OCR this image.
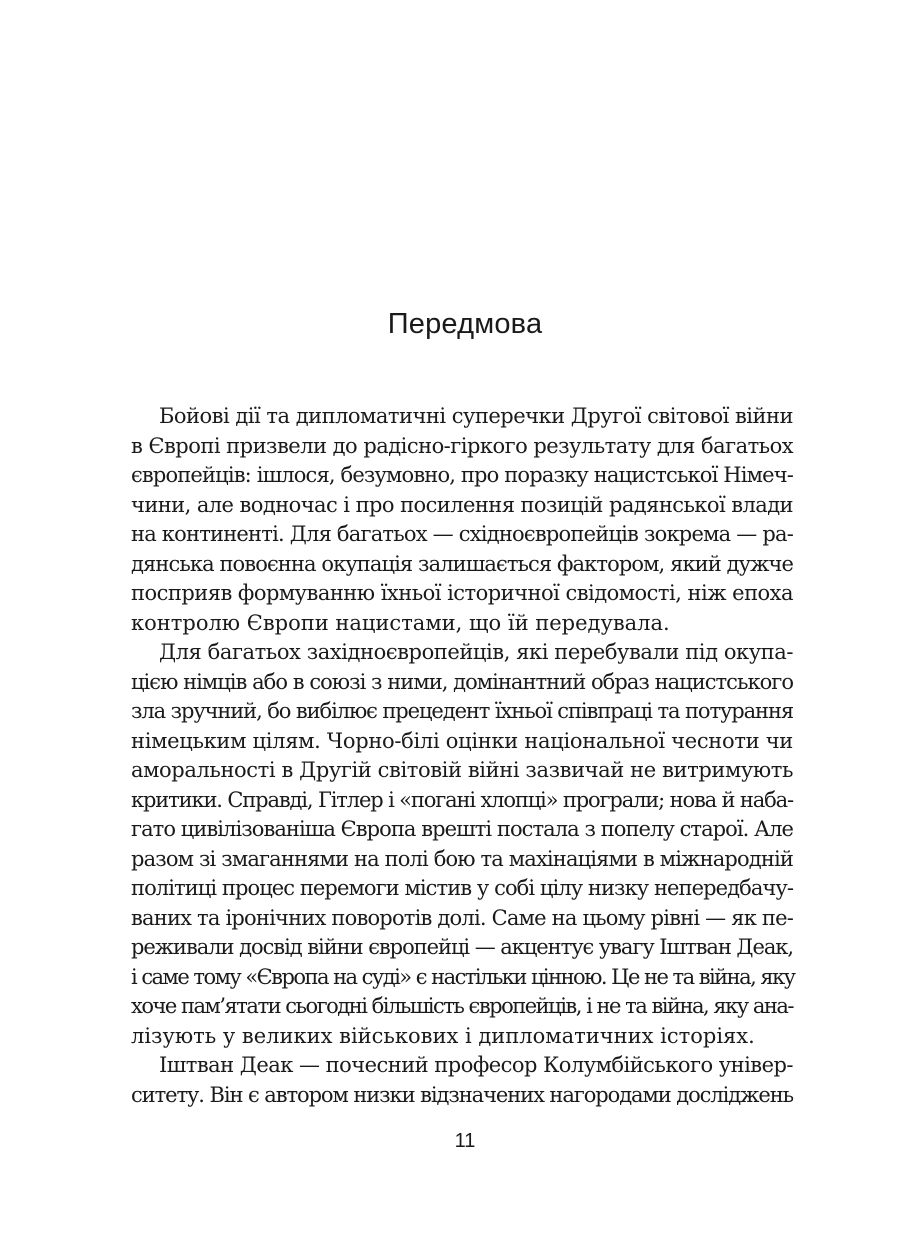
Передмова
Бойові дії та дипломатичні суперечки Другої світової війни
в Європі призвели до радісно-гіркого результату для багатьох
європейців: ішлося, безумовно, про поразку нацистської Німеч-
чини, але водночас і про посилення позицій радянської влади
на континенті. Для багатьох — східноєвропейців зокрема — ра-
дянська повоєнна окупація залишається фактором, який дужче
посприяв формуванню їхньої історичної свідомості, ніж епоха
контролю Європи нацистами, що їй передувала.
Для багатьох західноєвропейців, які перебували під окупа-
цією німців або в союзі з ними, домінантний образ нацистського
зла зручний, бо вибілює прецедент їхньої співпраці та потурання
німецьким цілям. Чорно-білі оцінки національної чесноти чи
аморальності в Другій світовій війні зазвичай не витримують
критики. Справді, Гітлер і «погані хлопці» програли; нова й наба-
гато цивілізованіша Європа врешті постала з попелу старої. Але
разом зі змаганнями на полі бою та махінаціями в міжнародній
політиці процес перемоги містив у собі цілу низку непередбачу-
ваних та іронічних поворотів долі. Саме на цьому рівні — як пе-
реживали досвід війни європейці — акцентує увагу Іштван Деак,
і саме тому «Європа на суді» є настільки цінною. Це не та війна, яку
хоче пам’ятати сьогодні більшість європейців, і не та війна, яку ана-
лізують у великих військових і дипломатичних історіях.
Іштван Деак — почесний професор Колумбійського універ-
ситету. Він є автором низки відзначених нагородами досліджень
11
